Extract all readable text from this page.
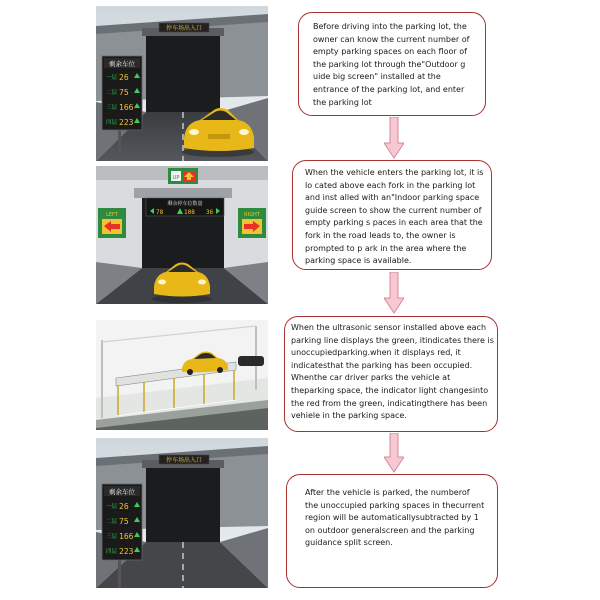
停车场出入口
剩余车位
一层
二层
三层
四层
26
75
166
223
UP
剩余停车位数量
78	108 36
LEFT	RIGHT
停车场出入口
剩余车位
一层
二层
三层
四层
26
75
166
223
Before driving into the parking lot, the owner can know the current number of empty parking spaces on each floor of the parking lot through the"Outdoor g uide big screen" installed at the entrance of the parking lot, and enter the parking lot
When the vehicle enters the parking lot, it is lo cated above each fork in the parking lot and inst alled with an"Indoor parking space guide screen to show the current number of empty parking s paces in each area that the fork in the road leads to, the owner is prompted to p ark in the area where the parking space is available.
When the ultrasonic sensor installed above each parking line displays the green, itindicates there is unoccupiedparking.when it displays red, it indicatesthat the parking has been occupied. Whenthe car driver parks the vehicle at theparking space, the indicator light changesinto the red from the green, indicatingthere has been vehiele in the parking space.
After the vehicle is parked, the numberof the unoccupied parking spaces in thecurrent region will be automaticallysubtracted by 1 on outdoor generalscreen and the parking guidance split screen.
